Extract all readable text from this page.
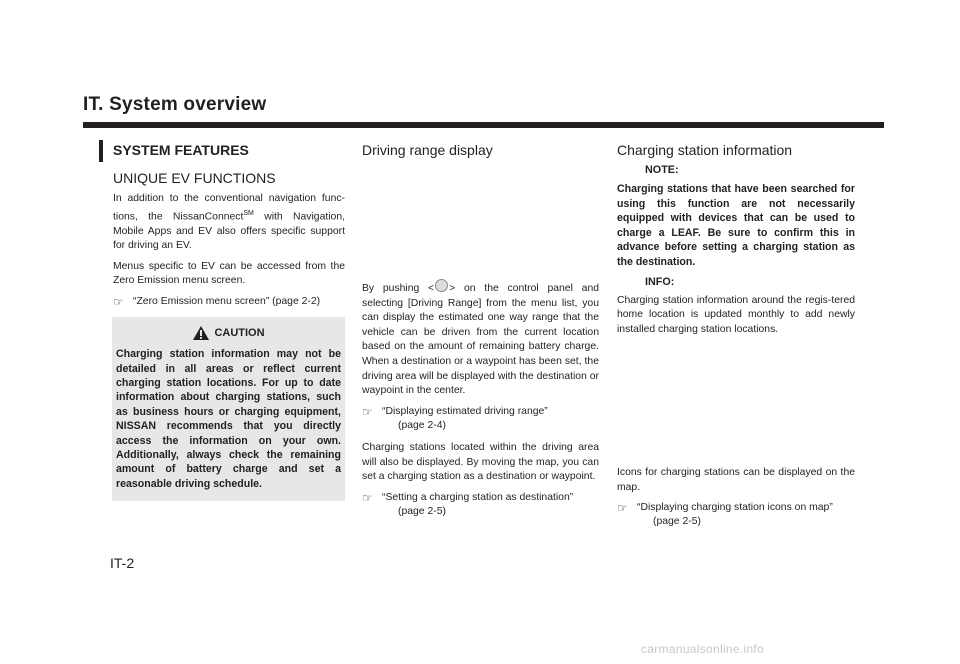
IT. System overview
SYSTEM FEATURES
UNIQUE EV FUNCTIONS

In addition to the conventional navigation func-tions, the NissanConnect℠ with Navigation, Mobile Apps and EV also offers specific support for driving an EV.

Menus specific to EV can be accessed from the Zero Emission menu screen.

☞ “Zero Emission menu screen” (page 2-2)
CAUTION

Charging station information may not be detailed in all areas or reflect current charging station locations. For up to date information about charging stations, such as business hours or charging equipment, NISSAN recommends that you directly access the information on your own. Additionally, always check the remaining amount of battery charge and set a reasonable driving schedule.

Driving range display

By pushing < > on the control panel and selecting [Driving Range] from the menu list, you can display the estimated one way range that the vehicle can be driven from the current location based on the amount of remaining battery charge. When a destination or a waypoint has been set, the driving area will be displayed with the destination or waypoint in the center.

☞ “Displaying estimated driving range”
(page 2-4)

Charging stations located within the driving area will also be displayed. By moving the map, you can set a charging station as a destination or waypoint.

☞ “Setting a charging station as destination”
(page 2-5)
Charging station information
NOTE:

Charging stations that have been searched for using this function are not necessarily equipped with devices that can be used to charge a LEAF. Be sure to confirm this in advance before setting a charging station as the destination.

INFO:

Charging station information around the regis-tered home location is updated monthly to add newly installed charging station locations.

Icons for charging stations can be displayed on the map.

☞ “Displaying charging station icons on map”
(page 2-5)
IT-2
carmanualsonline.info
